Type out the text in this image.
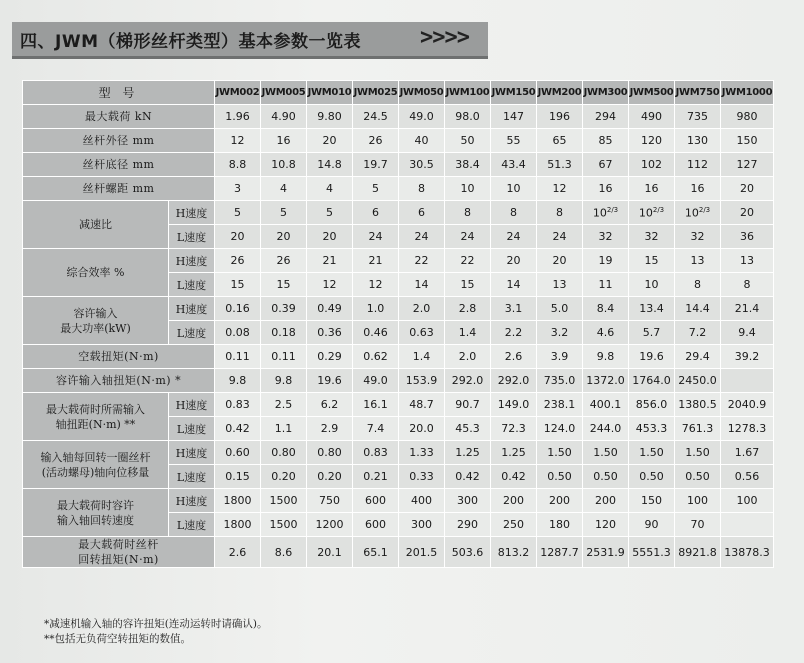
四、JWM（梯形丝杆类型）基本参数一览表	>>>>
型 号		JWM002	JWM005	JWM010	JWM025	JWM050	JWM100	JWM150	JWM200	JWM300	JWM500	JWM750	JWM1000
最大载荷 kN		1.96	4.90	9.80	24.5	49.0	98.0	147	196	294	490	735	980
丝杆外径 mm		12	16	20	26	40	50	55	65	85	120	130	150
丝杆底径 mm		8.8	10.8	14.8	19.7	30.5	38.4	43.4	51.3	67	102	112	127
丝杆螺距 mm		3	4	4	5	8	10	10	12	16	16	16	20

减速比	H速度	5	5	5	6	6	8	8	8	$10^{2/3}$	$10^{2/3}$	$10^{2/3}$	20
	L速度	20	20	20	24	24	24	24	24	32	32	32	36

综合效率 %	H速度	26	26	21	21	22	22	20	20	19	15	13	13
	L速度	15	15	12	12	14	15	14	13	11	10	8	8

容许输入
最大功率(kW)	H速度	0.16	0.39	0.49	1.0	2.0	2.8	3.1	5.0	8.4	13.4	14.4	21.4
	L速度	0.08	0.18	0.36	0.46	0.63	1.4	2.2	3.2	4.6	5.7	7.2	9.4
空载扭矩(N·m)		0.11	0.11	0.29	0.62	1.4	2.0	2.6	3.9	9.8	19.6	29.4	39.2
容许输入轴扭矩(N·m) *		9.8	9.8	19.6	49.0	153.9	292.0	292.0	735.0	1372.0	1764.0	2450.0	

最大载荷时所需输入
轴扭距(N·m) **	H速度	0.83	2.5	6.2	16.1	48.7	90.7	149.0	238.1	400.1	856.0	1380.5	2040.9
	L速度	0.42	1.1	2.9	7.4	20.0	45.3	72.3	124.0	244.0	453.3	761.3	1278.3

输入轴每回转一圈丝杆
(活动螺母)轴向位移量	H速度	0.60	0.80	0.80	0.83	1.33	1.25	1.25	1.50	1.50	1.50	1.50	1.67
	L速度	0.15	0.20	0.20	0.21	0.33	0.42	0.42	0.50	0.50	0.50	0.50	0.56

最大载荷时容许
输入轴回转速度	H速度	1800	1500	750	600	400	300	200	200	200	150	100	100
	L速度	1800	1500	1200	600	300	290	250	180	120	90	70	

最大载荷时丝杆
回转扭矩(N·m)		2.6	8.6	20.1	65.1	201.5	503.6	813.2	1287.7	2531.9	5551.3	8921.8	13878.3
*减速机输入轴的容许扭矩(连动运转时请确认)。
**包括无负荷空转扭矩的数值。
